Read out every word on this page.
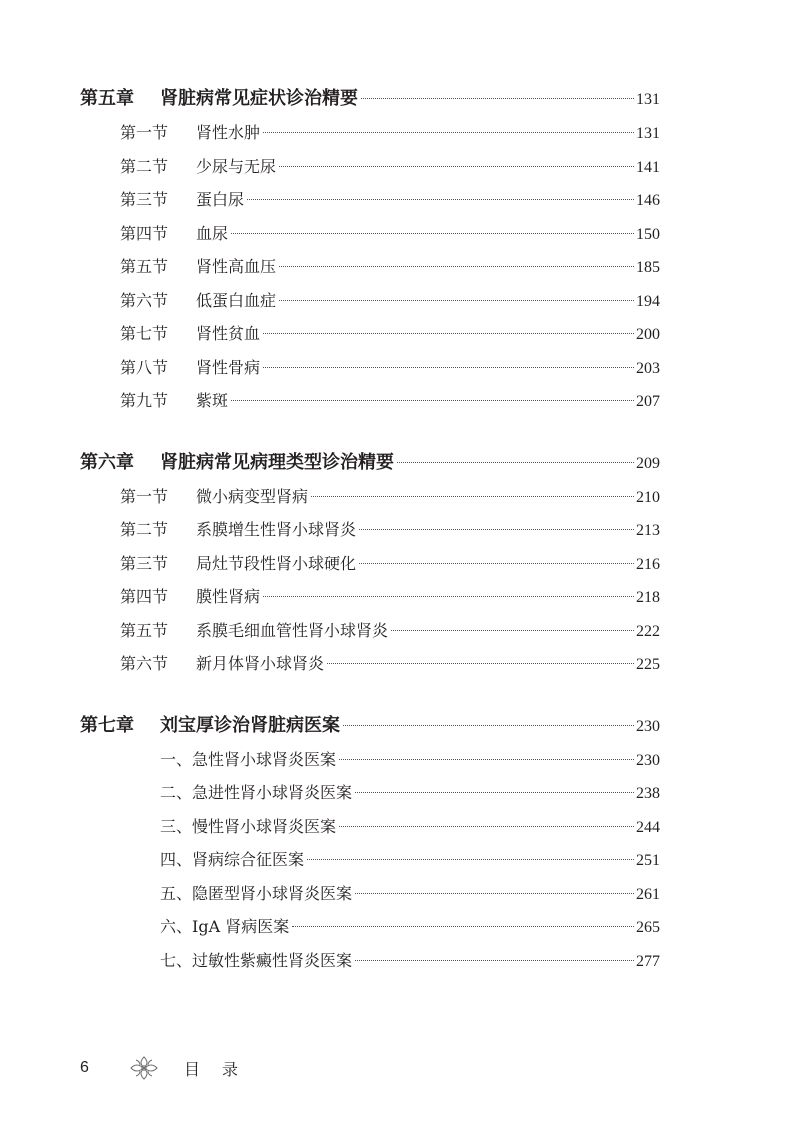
第五章 肾脏病常见症状诊治精要	131
第一节 肾性水肿	131
第二节 少尿与无尿	141
第三节 蛋白尿	146
第四节 血尿	150
第五节 肾性高血压	185
第六节 低蛋白血症	194
第七节 肾性贫血	200
第八节 肾性骨病	203
第九节 紫斑	207
第六章 肾脏病常见病理类型诊治精要	209
第一节 微小病变型肾病	210
第二节 系膜增生性肾小球肾炎	213
第三节 局灶节段性肾小球硬化	216
第四节 膜性肾病	218
第五节 系膜毛细血管性肾小球肾炎	222
第六节 新月体肾小球肾炎	225
第七章 刘宝厚诊治肾脏病医案	230
一、急性肾小球肾炎医案	230
二、急进性肾小球肾炎医案	238
三、慢性肾小球肾炎医案	244
四、肾病综合征医案	251
五、隐匿型肾小球肾炎医案	261
六、IgA 肾病医案	265
七、过敏性紫癜性肾炎医案	277
6	目录
